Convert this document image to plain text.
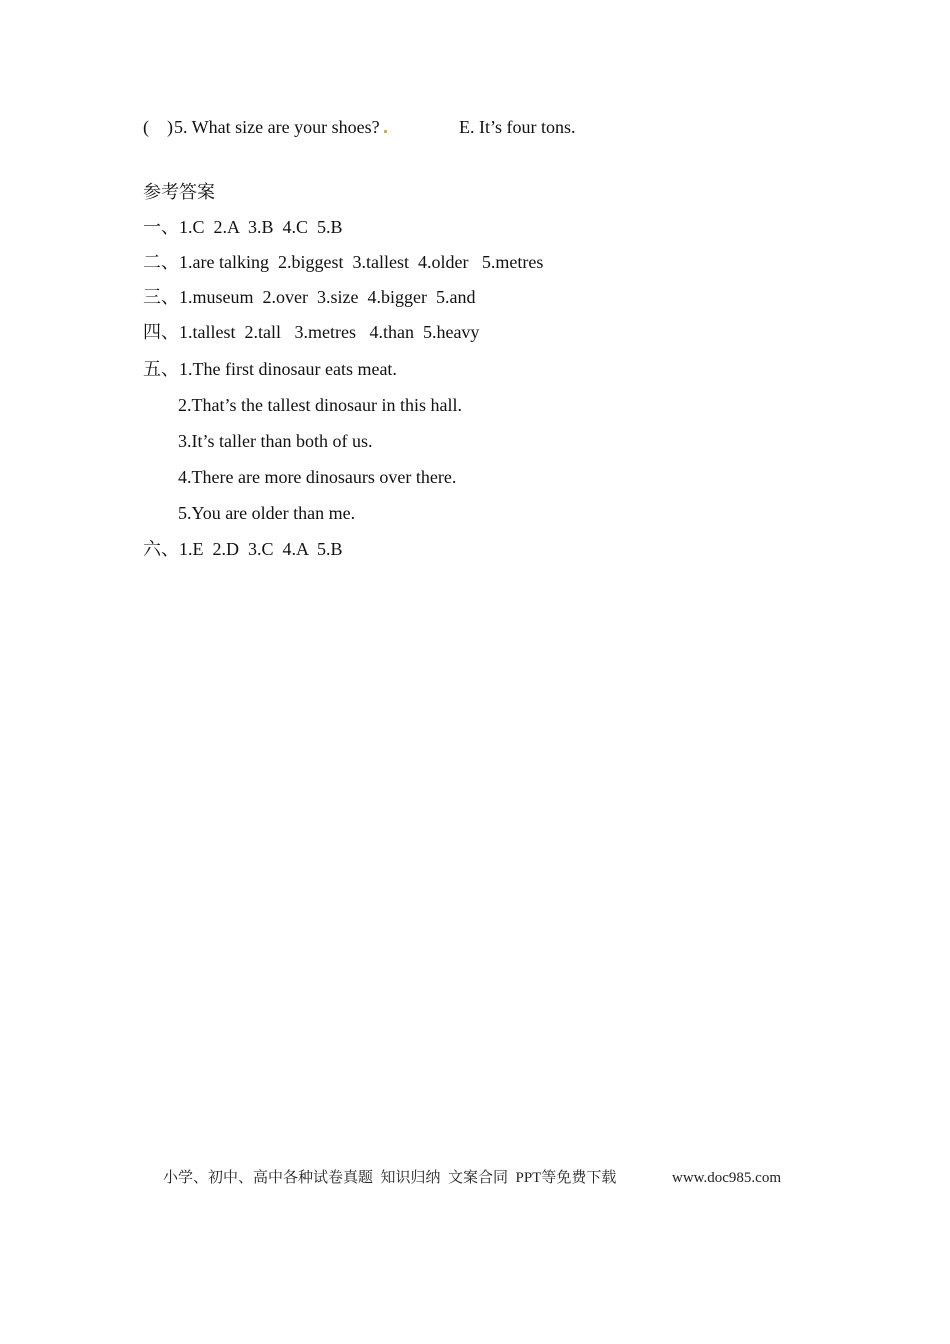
(    ) 5. What size are your shoes?	E. It’s four tons.
参考答案
一、1.C  2.A  3.B  4.C  5.B
二、1.are talking  2.biggest  3.tallest  4.older   5.metres
三、1.museum  2.over  3.size  4.bigger  5.and
四、1.tallest  2.tall   3.metres   4.than  5.heavy
五、1.The first dinosaur eats meat.
2.That’s the tallest dinosaur in this hall.
3.It’s taller than both of us.
4.There are more dinosaurs over there.
5.You are older than me.
六、1.E  2.D  3.C  4.A  5.B
小学、初中、高中各种试卷真题  知识归纳  文案合同  PPT等免费下载	www.doc985.com
